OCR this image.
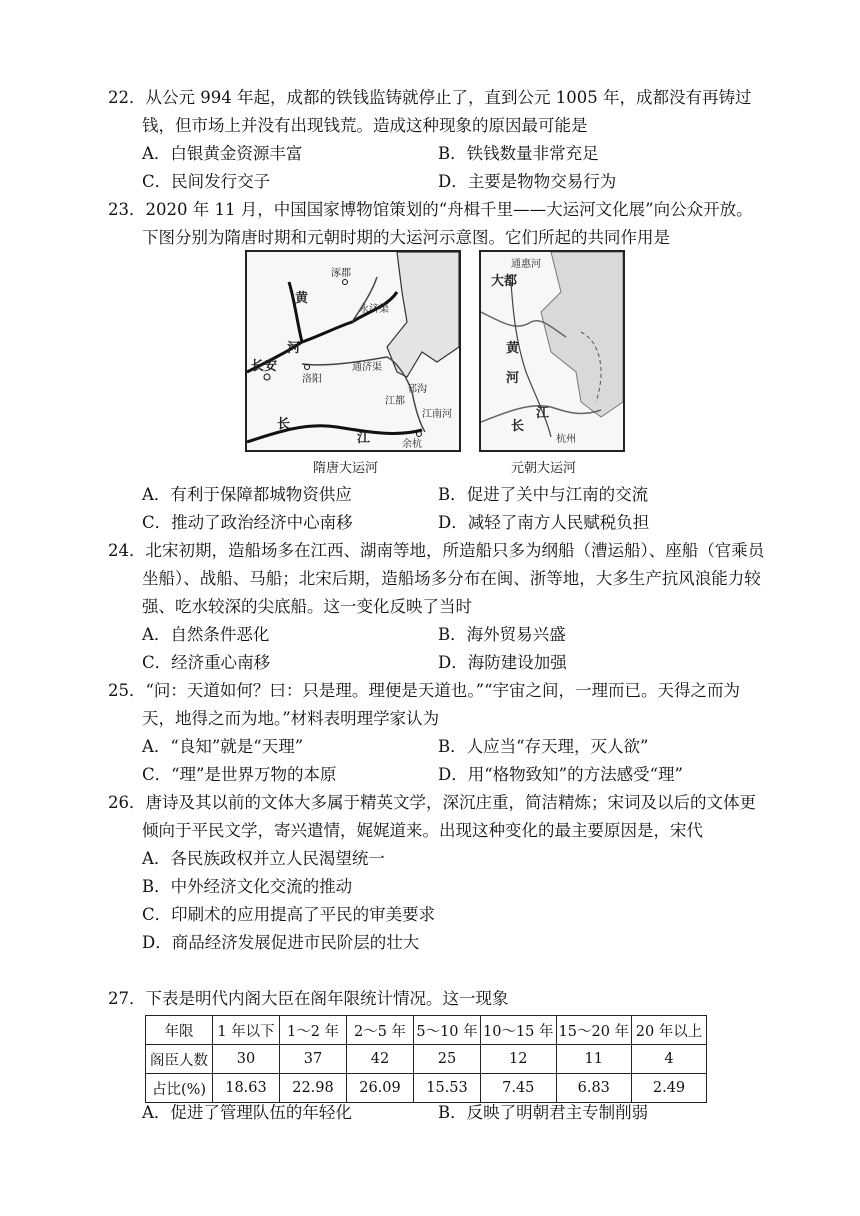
22．从公元 994 年起，成都的铁钱监铸就停止了，直到公元 1005 年，成都没有再铸过钱，但市场上并没有出现钱荒。造成这种现象的原因最可能是

A．白银黄金资源丰富	B．铁钱数量非常充足
C．民间发行交子	D．主要是物物交易行为

23．2020 年 11 月，中国国家博物馆策划的“舟楫千里——大运河文化展”向公众开放。下图分别为隋唐时期和元朝时期的大运河示意图。它们所起的共同作用是

涿郡
永济渠
黄
河
长安
洛阳
通济渠
邗沟
江都
江南河
长
江	余杭
隋唐大运河
通惠河
大都
黄
河
江
长
杭州
元朝大运河
A．有利于保障都城物资供应	B．促进了关中与江南的交流
C．推动了政治经济中心南移	D．减轻了南方人民赋税负担

24．北宋初期，造船场多在江西、湖南等地，所造船只多为纲船（漕运船）、座船（官乘员坐船）、战船、马船；北宋后期，造船场多分布在闽、浙等地，大多生产抗风浪能力较强、吃水较深的尖底船。这一变化反映了当时

A．自然条件恶化	B．海外贸易兴盛
C．经济重心南移	D．海防建设加强

25．“问：天道如何？曰：只是理。理便是天道也。”“宇宙之间，一理而已。天得之而为天，地得之而为地。”材料表明理学家认为

A．“良知”就是“天理”	B．人应当“存天理，灭人欲”
C．“理”是世界万物的本原	D．用“格物致知”的方法感受“理”

26．唐诗及其以前的文体大多属于精英文学，深沉庄重，简洁精炼；宋词及以后的文体更倾向于平民文学，寄兴遣情，娓娓道来。出现这种变化的最主要原因是，宋代

A．各民族政权并立人民渴望统一
B．中外经济文化交流的推动
C．印刷术的应用提高了平民的审美要求
D．商品经济发展促进市民阶层的壮大

27．下表是明代内阁大臣在阁年限统计情况。这一现象

年限	1 年以下	1～2 年	2～5 年	5～10 年	10～15 年	15～20 年	20 年以上
阁臣人数	30	37	42	25	12	11	4
占比(%)	18.63	22.98	26.09	15.53	7.45	6.83	2.49
A．促进了管理队伍的年轻化	B．反映了明朝君主专制削弱
